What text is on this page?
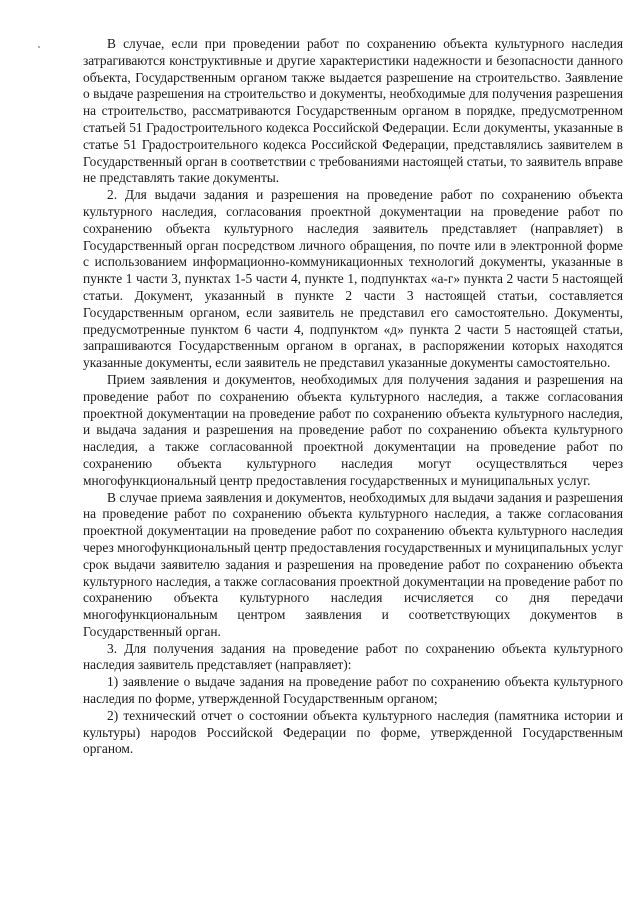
В случае, если при проведении работ по сохранению объекта культурного наследия затрагиваются конструктивные и другие характеристики надежности и безопасности данного объекта, Государственным органом также выдается разрешение на строительство. Заявление о выдаче разрешения на строительство и документы, необходимые для получения разрешения на строительство, рассматриваются Государственным органом в порядке, предусмотренном статьей 51 Градостроительного кодекса Российской Федерации. Если документы, указанные в статье 51 Градостроительного кодекса Российской Федерации, представлялись заявителем в Государственный орган в соответствии с требованиями настоящей статьи, то заявитель вправе не представлять такие документы.

2. Для выдачи задания и разрешения на проведение работ по сохранению объекта культурного наследия, согласования проектной документации на проведение работ по сохранению объекта культурного наследия заявитель представляет (направляет) в Государственный орган посредством личного обращения, по почте или в электронной форме с использованием информационно-коммуникационных технологий документы, указанные в пункте 1 части 3, пунктах 1-5 части 4, пункте 1, подпунктах «а-г» пункта 2 части 5 настоящей статьи. Документ, указанный в пункте 2 части 3 настоящей статьи, составляется Государственным органом, если заявитель не представил его самостоятельно. Документы, предусмотренные пунктом 6 части 4, подпунктом «д» пункта 2 части 5 настоящей статьи, запрашиваются Государственным органом в органах, в распоряжении которых находятся указанные документы, если заявитель не представил указанные документы самостоятельно.

Прием заявления и документов, необходимых для получения задания и разрешения на проведение работ по сохранению объекта культурного наследия, а также согласования проектной документации на проведение работ по сохранению объекта культурного наследия, и выдача задания и разрешения на проведение работ по сохранению объекта культурного наследия, а также согласованной проектной документации на проведение работ по сохранению объекта культурного наследия могут осуществляться через многофункциональный центр предоставления государственных и муниципальных услуг.

В случае приема заявления и документов, необходимых для выдачи задания и разрешения на проведение работ по сохранению объекта культурного наследия, а также согласования проектной документации на проведение работ по сохранению объекта культурного наследия через многофункциональный центр предоставления государственных и муниципальных услуг срок выдачи заявителю задания и разрешения на проведение работ по сохранению объекта культурного наследия, а также согласования проектной документации на проведение работ по сохранению объекта культурного наследия исчисляется со дня передачи многофункциональным центром заявления и соответствующих документов в Государственный орган.

3. Для получения задания на проведение работ по сохранению объекта культурного наследия заявитель представляет (направляет):

1) заявление о выдаче задания на проведение работ по сохранению объекта культурного наследия по форме, утвержденной Государственным органом;

2) технический отчет о состоянии объекта культурного наследия (памятника истории и культуры) народов Российской Федерации по форме, утвержденной Государственным органом.
